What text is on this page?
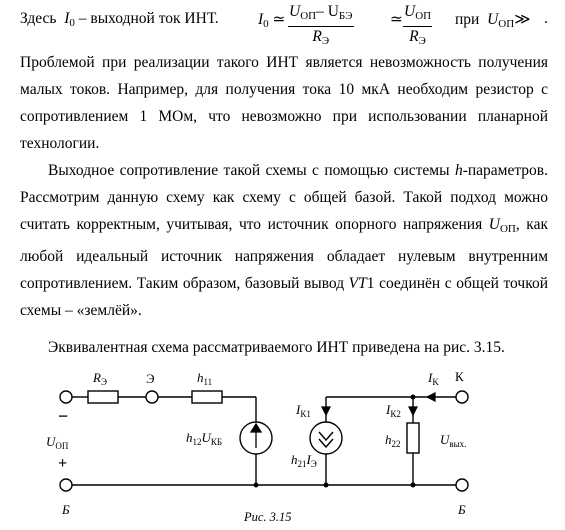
Здесь $I_0$ – выходной ток ИНТ.	$I_0$ ≃ $U_{ОП}-$ $U_{БЭ}$
$R_Э$
≃ $U_{ОП}$
$R_Э$
при $U_{ОП}≫$ .
Проблемой при реализации такого ИНТ является невозможность получения малых токов. Например, для получения тока 10 мкА необходим резистор с сопротивлением 1 МОм, что невозможно при использовании планарной технологии.
Выходное сопротивление такой схемы с помощью системы h-параметров. Рассмотрим данную схему как схему с общей базой. Такой подход можно считать корректным, учитывая, что источник опорного напряжения $U_{ОП}$, как любой идеальный источник напряжения обладает нулевым внутренним сопротивлением. Таким образом, базовый вывод VT1 соединён с общей точкой схемы – «землёй».
Эквивалентная схема рассматриваемого ИНТ приведена на рис. 3.15.
$R_Э$	Э	$h_{11}$
$h_{12}U_{КБ}$
$I_{К1}$
$h_{21}I_Э$
$I_{К2}$
$h_{22}$
$I_K$ К
$U_{вых.}$
$U_{ОП}$
−
+
Б	Б
Рис. 3.15
